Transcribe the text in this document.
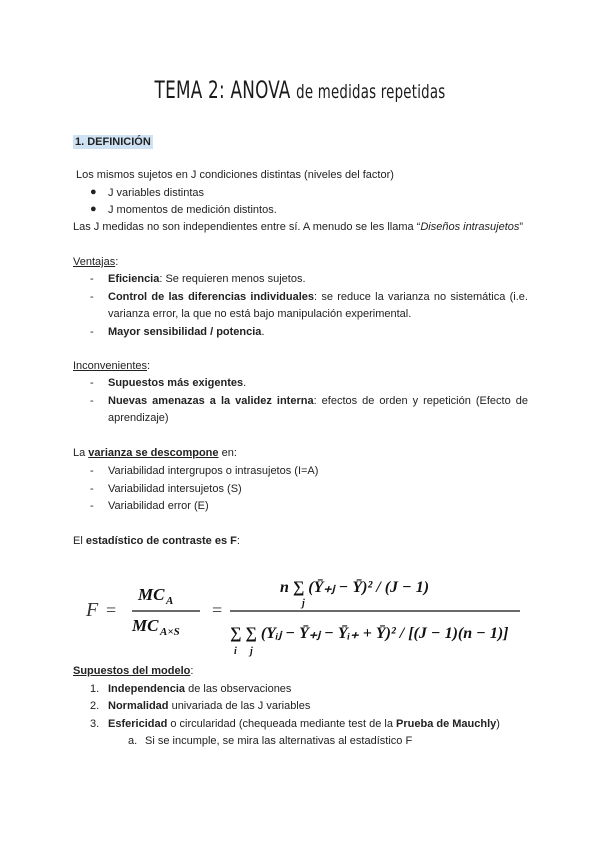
TEMA 2: ANOVA de medidas repetidas
1. DEFINICIÓN
Los mismos sujetos en J condiciones distintas (niveles del factor)
● J variables distintas
● J momentos de medición distintos.
Las J medidas no son independientes entre sí. A menudo se les llama “Diseños intrasujetos”
Ventajas:
- Eficiencia: Se requieren menos sujetos.
- Control de las diferencias individuales: se reduce la varianza no sistemática (i.e.
varianza error, la que no está bajo manipulación experimental.
- Mayor sensibilidad / potencia.
Inconvenientes:
- Supuestos más exigentes.
- Nuevas amenazas a la validez interna: efectos de orden y repetición (Efecto de
aprendizaje)
La varianza se descompone en:
- Variabilidad intergrupos o intrasujetos (I=A)
- Variabilidad intersujetos (S)
- Variabilidad error (E)
El estadístico de contraste es F:
F =
MC A
MC A×S
=
n ∑ (Ȳ₊ⱼ − Ȳ)² / (J − 1)
j
∑ ∑ (Yᵢⱼ − Ȳ₊ⱼ − Ȳᵢ₊ + Ȳ)² / [(J − 1)(n − 1)]
i j
Supuestos del modelo:
1. Independencia de las observaciones
2. Normalidad univariada de las J variables
3. Esfericidad o circularidad (chequeada mediante test de la Prueba de Mauchly)
a. Si se incumple, se mira las alternativas al estadístico F
